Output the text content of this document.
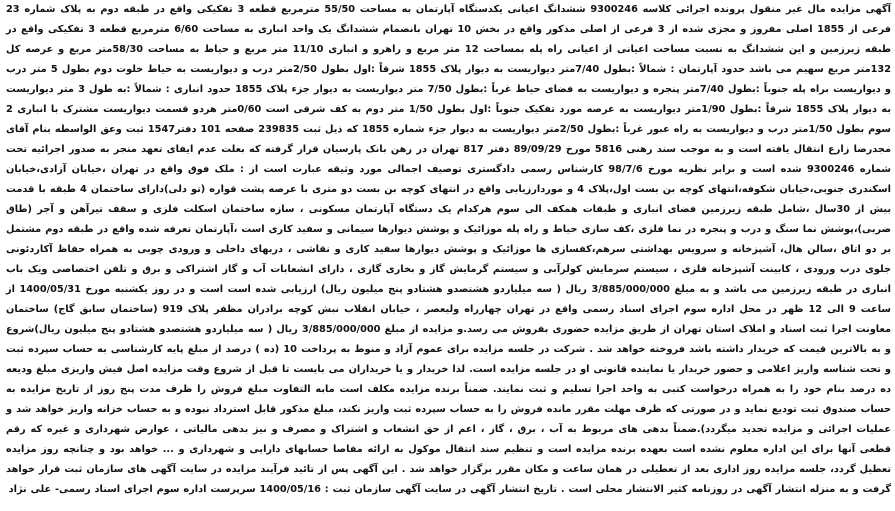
آگهی مزایده مال غیر منقول پرونده اجرائی کلاسه 9300246 ششدانگ اعیانی یکدستگاه آپارتمان به مساحت 55/50 مترمربع قطعه 3 تفکیکی واقع در طبقه دوم به پلاک شماره 23 فرعی از 1855 اصلی مفروز و مجزی شده از 3 فرعی از اصلی مذکور واقع در بخش 10 تهران بانضمام ششدانگ یک واحد انباری به مساحت 6/60 مترمربع قطعه 3 تفکیکی واقع در طبقه زیرزمین و این ششدانگ به نسبت مساحت اعیانی از اعیانی راه پله بمساحت 12 متر مربع و راهرو و انباری 11/10 متر مربع و حیاط به مساحت 58/30متر مربع و عرصه کل 132متر مربع سهیم می باشد حدود آپارتمان : شمالاً :بطول 7/40متر دیواریست به دیوار پلاک 1855 شرقاً :اول بطول 2/50متر درب و دیواریست به حیاط خلوت دوم بطول 5 متر درب و دیواریست براه پله جنوباً :بطول 7/40متر پنجره و دیواریست به فضای حیاط غرباً :بطول 7/50 متر دیواریست به دیوار جزء پلاک 1855 حدود انباری : شمالاً :به طول 3 متر دیواریست به دیوار پلاک 1855 شرقاً :بطول 1/90متر دیواریست به عرصه مورد تفکیک جنوباً :اول بطول 1/50 متر دوم به کف شرقی است 0/60متر هردو قسمت دیواریست مشترک با انباری 2 سوم بطول 1/50متر درب و دیواریست به راه عبور غرباً :بطول 2/50متر دیواریست به دیوار جزء شماره 1855 که ذیل ثبت 239835 صفحه 101 دفتر1547 ثبت وعق الواسطه بنام آقای مجدرضا زارع انتقال یافته است و به موجب سند رهنی 5816 مورخ 89/09/29 دفتر 817 تهران در رهن بانک پارسیان قرار گرفته که بعلت عدم ایفای تعهد منجر به صدور اجرائیه تحت شماره 9300246 شده است و برابر نظریه مورخ 98/7/6 کارشناس رسمی دادگستری توصیف اجمالی مورد وثیقه عبارت است از : ملک فوق واقع در تهران ،خیابان آزادی،خیابان اسکندری جنوبی،خیابان شکوفه،انتهای کوچه بن بست اول،پلاک 4 و موردارزیابی واقع در انتهای کوچه بن بست دو متری با عرصه پشت قواره (تو دلی)دارای ساختمان 4 طبقه با قدمت بیش از 30سال ،شامل طبقه زیرزمین فضای انباری و طبقات همکف الی سوم هرکدام یک دستگاه آپارتمان مسکونی ، سازه ساختمان اسکلت فلزی و سقف تیرآهن و آجر (طاق ضربی)،پوشش نما سنگ و درب و پنجره در نما فلزی ،کف سازی حیاط و راه پله موزائیک و پوشش دیوارها سیمانی و سفید کاری است ،آپارتمان تعرفه شده واقع در طبقه دوم مشتمل بر دو اتاق ،سالن هال، آشپزخانه و سرویس بهداشتی سرهم،کفسازی ها موزائیک و پوشش دیوارها سفید کاری و نقاشی ، دربهای داخلی و ورودی چوبی به همراه حفاظ آکاردئونی جلوی درب ورودی ، کابینت آشپزخانه فلزی ، سیستم سرمایش کولرآبی و سیستم گرمایش گاز و بخاری گازی ، دارای انشعابات آب و گاز اشتراکی و برق و تلفن اختصاصی ویک باب انباری در طبقه زیرزمین می باشد و به مبلغ 3/885/000/000 ریال ( سه میلیاردو هشتصدو هشتادو پنج میلیون ریال) ارزیابی شده است است و در روز یکشنبه مورخ 1400/05/31 از ساعت 9 الی 12 ظهر در محل اداره سوم اجرای اسناد رسمی واقع در تهران چهارراه ولیعصر ، خیابان انقلاب نبش کوچه برادران مظفر پلاک 919 (ساختمان سابق گاج) ساختمان معاونت اجرا ثبت اسناد و املاک استان تهران از طریق مزایده حضوری بفروش می رسد.و مزایده از مبلغ 3/885/000/000 ریال ( سه میلیاردو هشتصدو هشتادو پنج میلیون ریال)شروع و به بالاترین قیمت که خریدار داشته باشد فروخته خواهد شد . شرکت در جلسه مزایده برای عموم آزاد و منوط به پرداخت 10 (ده ) درصد از مبلغ پایه کارشناسی به حساب سپرده ثبت و تحت شناسه واریز اعلامی و حضور خریدار یا نماینده قانونی او در جلسه مزایده است. لذا خریدار و یا خریداران می بایست تا قبل از شروع وقت مزایده اصل فیش واریزی مبلغ ودیعه ده درصد بنام خود را به همراه درخواست کتبی به واحد اجرا تسلیم و ثبت نمایند. ضمناً برنده مزایده مکلف است مابه التفاوت مبلغ فروش را ظرف مدت پنج روز از تاریخ مزایده به حساب صندوق ثبت تودیع نماید و در صورتی که ظرف مهلت مقرر مانده فروش را به حساب سپرده ثبت واریز نکند، مبلغ مذکور قابل استرداد نبوده و به حساب خزانه واریز خواهد شد و عملیات اجرائی و مزایده تجدید میگردد).ضمناً بدهی های مربوط به آب ، برق ، گاز ، اعم از حق انشعاب و اشتراک و مصرف و نیز بدهی مالیاتی ، عوارض شهرداری و غیره که رقم قطعی آنها برای این اداره معلوم نشده است بعهده برنده مزایده است و تنظیم سند انتقال موکول به ارائه مفاصا حسابهای دارایی و شهرداری و ... خواهد بود و چنانچه روز مزایده تعطیل گردد، جلسه مزایده روز اداری بعد از تعطیلی در همان ساعت و مکان مقرر برگزار خواهد شد . این آگهی پس از تائید فرآیند مزایده در سایت آگهی های سازمان ثبت قرار خواهد گرفت و به منزله انتشار آگهی در روزنامه کثیر الانتشار محلی است . تاریخ انتشار آگهی در سایت آگهی سازمان ثبت : 1400/05/16 سرپرست اداره سوم اجرای اسناد رسمی- علی نژاد
